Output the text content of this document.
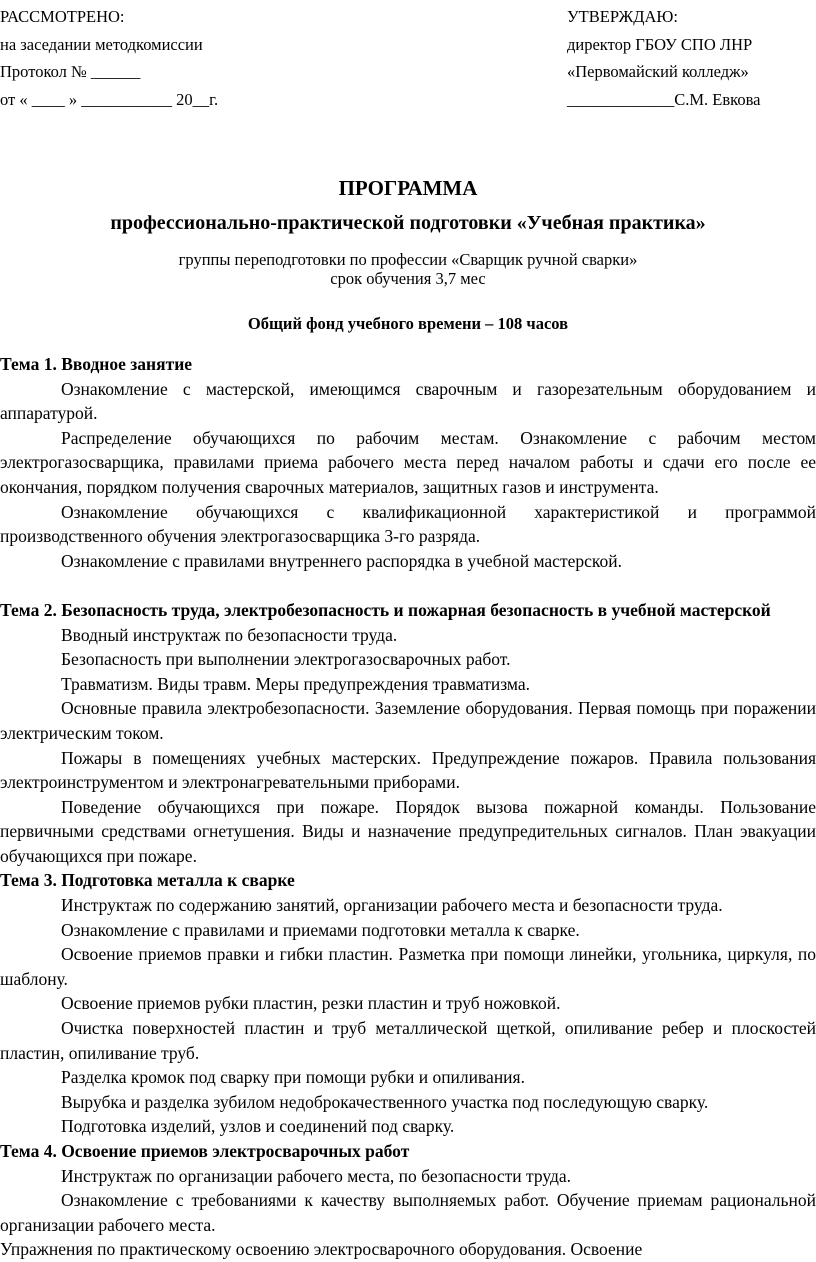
РАССМОТРЕНО:
на заседании методкомиссии
Протокол № ______
от « ____ » ___________ 20__г.
УТВЕРЖДАЮ:
директор ГБОУ СПО ЛНР
«Первомайский колледж»
_____________С.М. Евкова
ПРОГРАММА
профессионально-практической подготовки «Учебная практика»
группы переподготовки по профессии «Сварщик ручной сварки»
срок обучения 3,7 мес
Общий фонд учебного времени – 108 часов

Тема 1. Вводное занятие

Ознакомление с мастерской, имеющимся сварочным и газорезательным оборудованием и аппаратурой.

Распределение обучающихся по рабочим местам. Ознакомление с рабочим местом электрогазосварщика, правилами приема рабочего места перед началом работы и сдачи его после ее окончания, порядком получения сварочных материалов, защитных газов и инструмента.

Ознакомление обучающихся с квалификационной характеристикой и программой производственного обучения электрогазосварщика 3-го разряда.

Ознакомление с правилами внутреннего распорядка в учебной мастерской.

Тема 2. Безопасность труда, электробезопасность и пожарная безопасность в учебной мастерской

Вводный инструктаж по безопасности труда.

Безопасность при выполнении электрогазосварочных работ.

Травматизм. Виды травм. Меры предупреждения травматизма.

Основные правила электробезопасности. Заземление оборудования. Первая помощь при поражении электрическим током.

Пожары в помещениях учебных мастерских. Предупреждение пожаров. Правила пользования электроинструментом и электронагревательными приборами.

Поведение обучающихся при пожаре. Порядок вызова пожарной команды. Пользование первичными средствами огнетушения. Виды и назначение предупредительных сигналов. План эвакуации обучающихся при пожаре.

Тема 3. Подготовка металла к сварке

Инструктаж по содержанию занятий, организации рабочего места и безопасности труда.

Ознакомление с правилами и приемами подготовки металла к сварке.

Освоение приемов правки и гибки пластин. Разметка при помощи линейки, угольника, циркуля, по шаблону.

Освоение приемов рубки пластин, резки пластин и труб ножовкой.

Очистка поверхностей пластин и труб металлической щеткой, опиливание ребер и плоскостей пластин, опиливание труб.

Разделка кромок под сварку при помощи рубки и опиливания.

Вырубка и разделка зубилом недоброкачественного участка под последующую сварку.

Подготовка изделий, узлов и соединений под сварку.

Тема 4. Освоение приемов электросварочных работ

Инструктаж по организации рабочего места, по безопасности труда.

Ознакомление с требованиями к качеству выполняемых работ. Обучение приемам рациональной организации рабочего места.

Упражнения по практическому освоению электросварочного оборудования. Освоение
